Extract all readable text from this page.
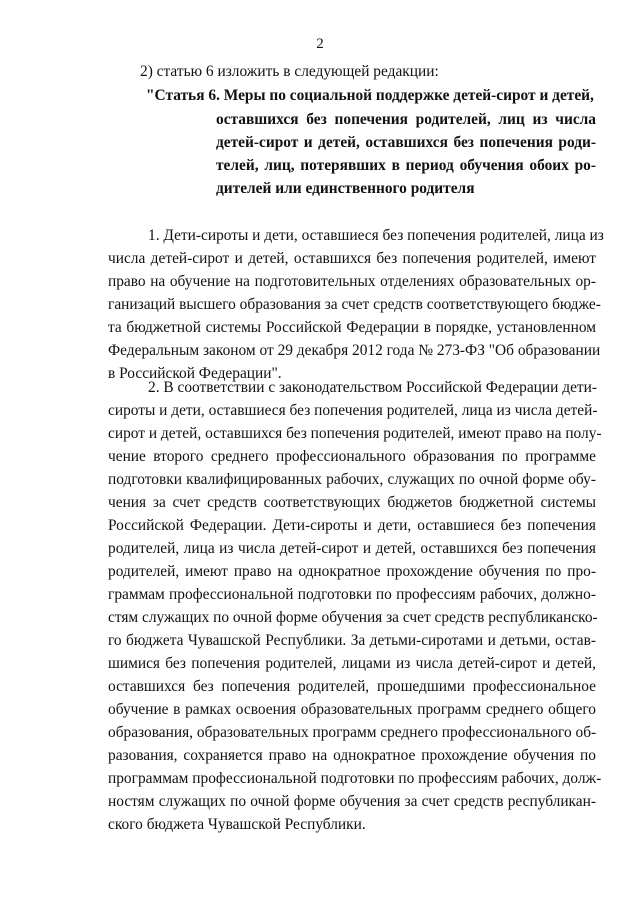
2
2) статью 6 изложить в следующей редакции:
"Статья 6. Меры по социальной поддержке детей-сирот и детей,
оставшихся без попечения родителей, лиц из числа
детей-сирот и детей, оставшихся без попечения роди-
телей, лиц, потерявших в период обучения обоих ро-
дителей или единственного родителя
1. Дети-сироты и дети, оставшиеся без попечения родителей, лица из
числа детей-сирот и детей, оставшихся без попечения родителей, имеют
право на обучение на подготовительных отделениях образовательных ор-
ганизаций высшего образования за счет средств соответствующего бюдже-
та бюджетной системы Российской Федерации в порядке, установленном
Федеральным законом от 29 декабря 2012 года № 273-ФЗ "Об образовании
в Российской Федерации".
2. В соответствии с законодательством Российской Федерации дети-
сироты и дети, оставшиеся без попечения родителей, лица из числа детей-
сирот и детей, оставшихся без попечения родителей, имеют право на полу-
чение второго среднего профессионального образования по программе
подготовки квалифицированных рабочих, служащих по очной форме обу-
чения за счет средств соответствующих бюджетов бюджетной системы
Российской Федерации. Дети-сироты и дети, оставшиеся без попечения
родителей, лица из числа детей-сирот и детей, оставшихся без попечения
родителей, имеют право на однократное прохождение обучения по про-
граммам профессиональной подготовки по профессиям рабочих, должно-
стям служащих по очной форме обучения за счет средств республиканско-
го бюджета Чувашской Республики. За детьми-сиротами и детьми, остав-
шимися без попечения родителей, лицами из числа детей-сирот и детей,
оставшихся без попечения родителей, прошедшими профессиональное
обучение в рамках освоения образовательных программ среднего общего
образования, образовательных программ среднего профессионального об-
разования, сохраняется право на однократное прохождение обучения по
программам профессиональной подготовки по профессиям рабочих, долж-
ностям служащих по очной форме обучения за счет средств республикан-
ского бюджета Чувашской Республики.
